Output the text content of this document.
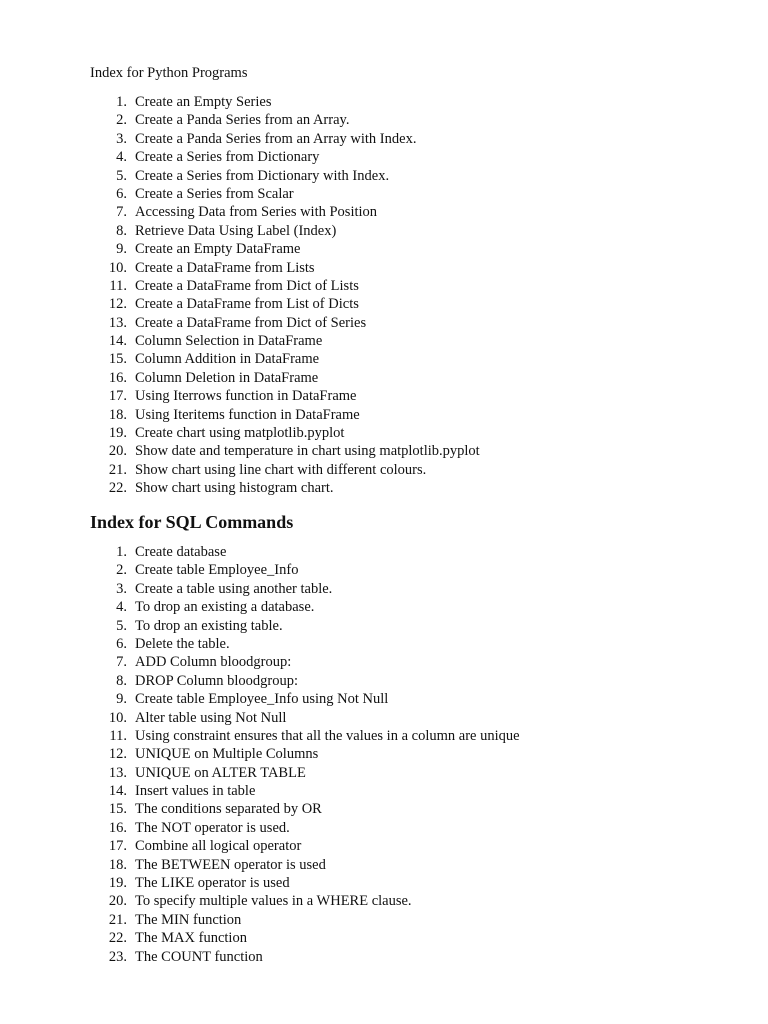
Index for Python Programs
1. Create an Empty Series
2. Create a Panda Series from an Array.
3. Create a Panda Series from an Array with Index.
4. Create a Series from Dictionary
5. Create a Series from Dictionary with Index.
6. Create a Series from Scalar
7. Accessing Data from Series with Position
8. Retrieve Data Using Label (Index)
9. Create an Empty DataFrame
10. Create a DataFrame from Lists
11. Create a DataFrame from Dict of Lists
12. Create a DataFrame from List of Dicts
13. Create a DataFrame from Dict of Series
14. Column Selection in DataFrame
15. Column Addition in DataFrame
16. Column Deletion in DataFrame
17. Using Iterrows function in DataFrame
18. Using Iteritems function in DataFrame
19. Create chart using matplotlib.pyplot
20. Show date and temperature in chart using matplotlib.pyplot
21. Show chart using line chart with different colours.
22. Show chart using histogram chart.
Index for SQL Commands
1. Create database
2. Create table Employee_Info
3. Create a table using another table.
4. To drop an existing a database.
5. To drop an existing table.
6. Delete the table.
7. ADD Column bloodgroup:
8. DROP Column bloodgroup:
9. Create table Employee_Info using Not Null
10. Alter table using Not Null
11. Using constraint ensures that all the values in a column are unique
12. UNIQUE on Multiple Columns
13. UNIQUE on ALTER TABLE
14. Insert values in table
15. The conditions separated by OR
16. The NOT operator is used.
17. Combine all logical operator
18. The BETWEEN operator is used
19. The LIKE operator is used
20. To specify multiple values in a WHERE clause.
21. The MIN function
22. The MAX function
23. The COUNT function
